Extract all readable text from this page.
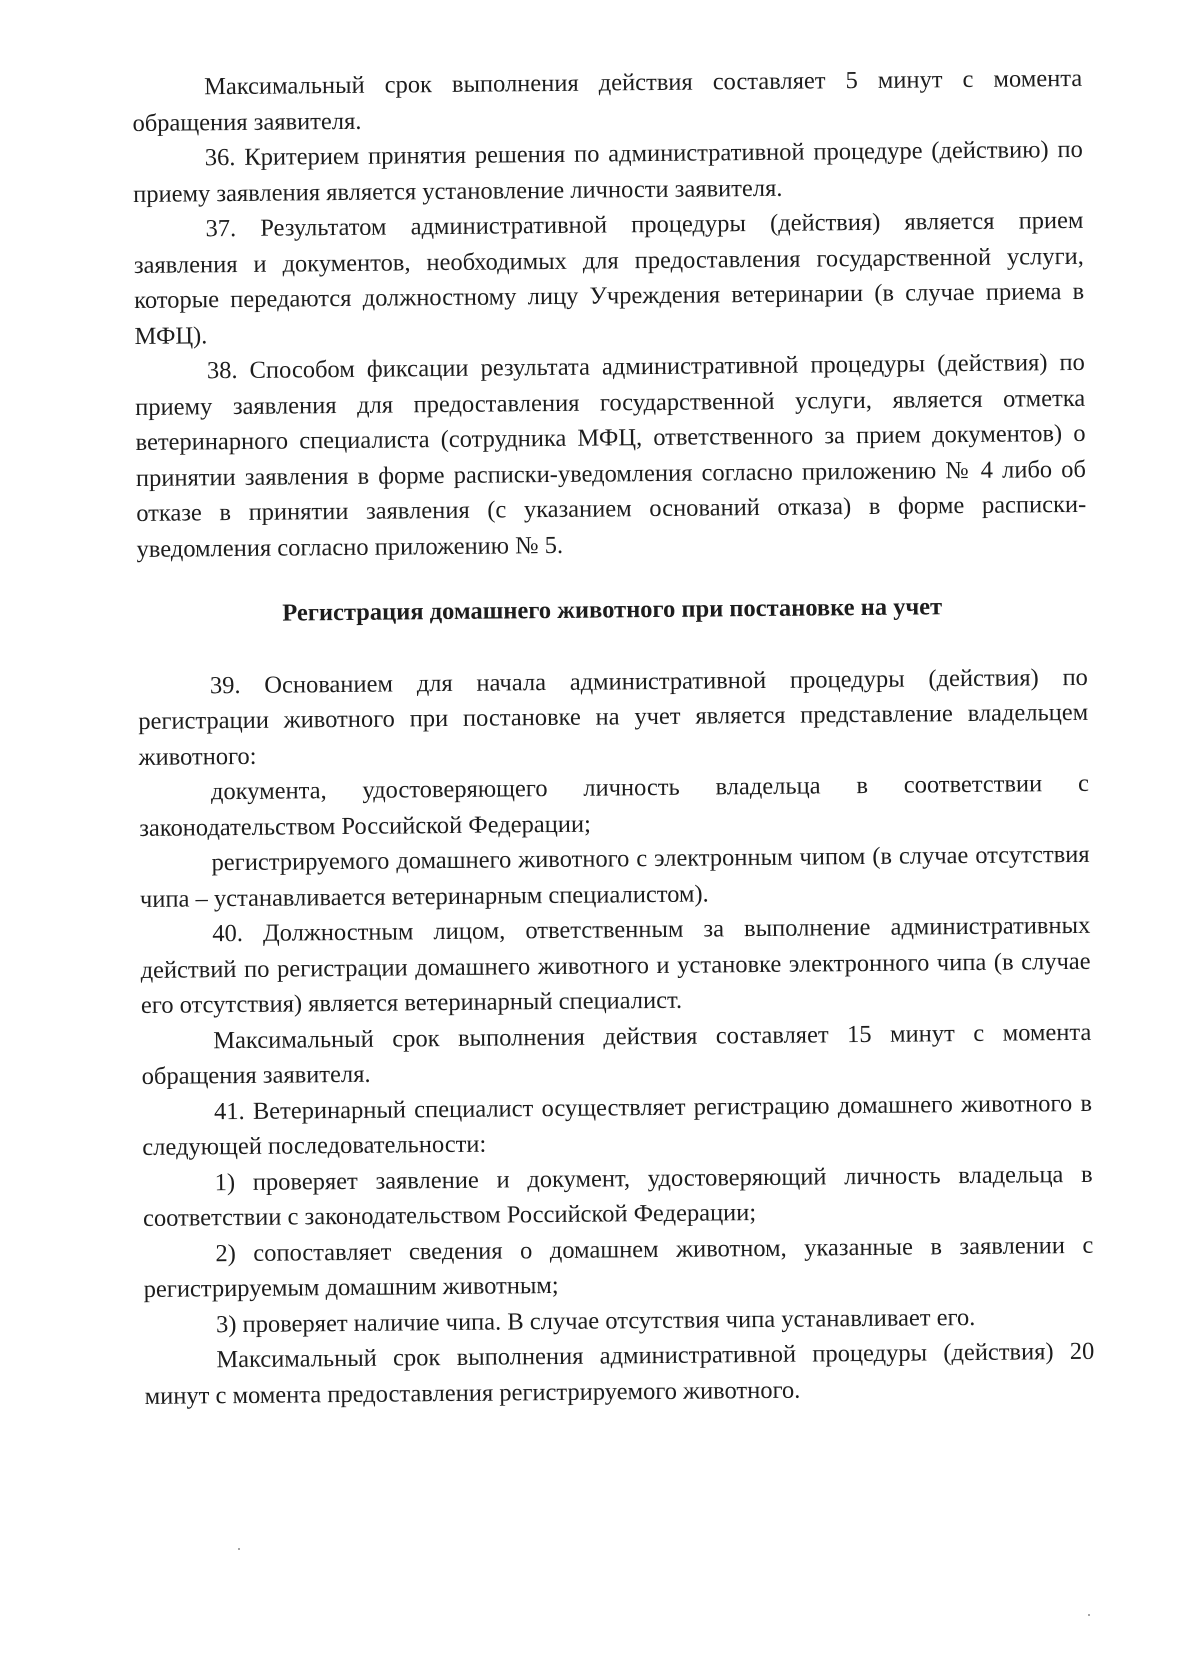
Максимальный срок выполнения действия составляет 5 минут с момента обращения заявителя.

36. Критерием принятия решения по административной процедуре (действию) по приему заявления является установление личности заявителя.

37. Результатом административной процедуры (действия) является прием заявления и документов, необходимых для предоставления государственной услуги, которые передаются должностному лицу Учреждения ветеринарии (в случае приема в МФЦ).

38. Способом фиксации результата административной процедуры (действия) по приему заявления для предоставления государственной услуги, является отметка ветеринарного специалиста (сотрудника МФЦ, ответственного за прием документов) о принятии заявления в форме расписки-уведомления согласно приложению № 4 либо об отказе в принятии заявления (с указанием оснований отказа) в форме расписки-уведомления согласно приложению № 5.

Регистрация домашнего животного при постановке на учет

39. Основанием для начала административной процедуры (действия) по регистрации животного при постановке на учет является представление владельцем животного:

документа, удостоверяющего личность владельца в соответствии с законодательством Российской Федерации;

регистрируемого домашнего животного с электронным чипом (в случае отсутствия чипа – устанавливается ветеринарным специалистом).

40. Должностным лицом, ответственным за выполнение административных действий по регистрации домашнего животного и установке электронного чипа (в случае его отсутствия) является ветеринарный специалист.

Максимальный срок выполнения действия составляет 15 минут с момента обращения заявителя.

41. Ветеринарный специалист осуществляет регистрацию домашнего животного в следующей последовательности:

1) проверяет заявление и документ, удостоверяющий личность владельца в соответствии с законодательством Российской Федерации;

2) сопоставляет сведения о домашнем животном, указанные в заявлении с регистрируемым домашним животным;

3) проверяет наличие чипа. В случае отсутствия чипа устанавливает его.

Максимальный срок выполнения административной процедуры (действия) 20 минут с момента предоставления регистрируемого животного.
